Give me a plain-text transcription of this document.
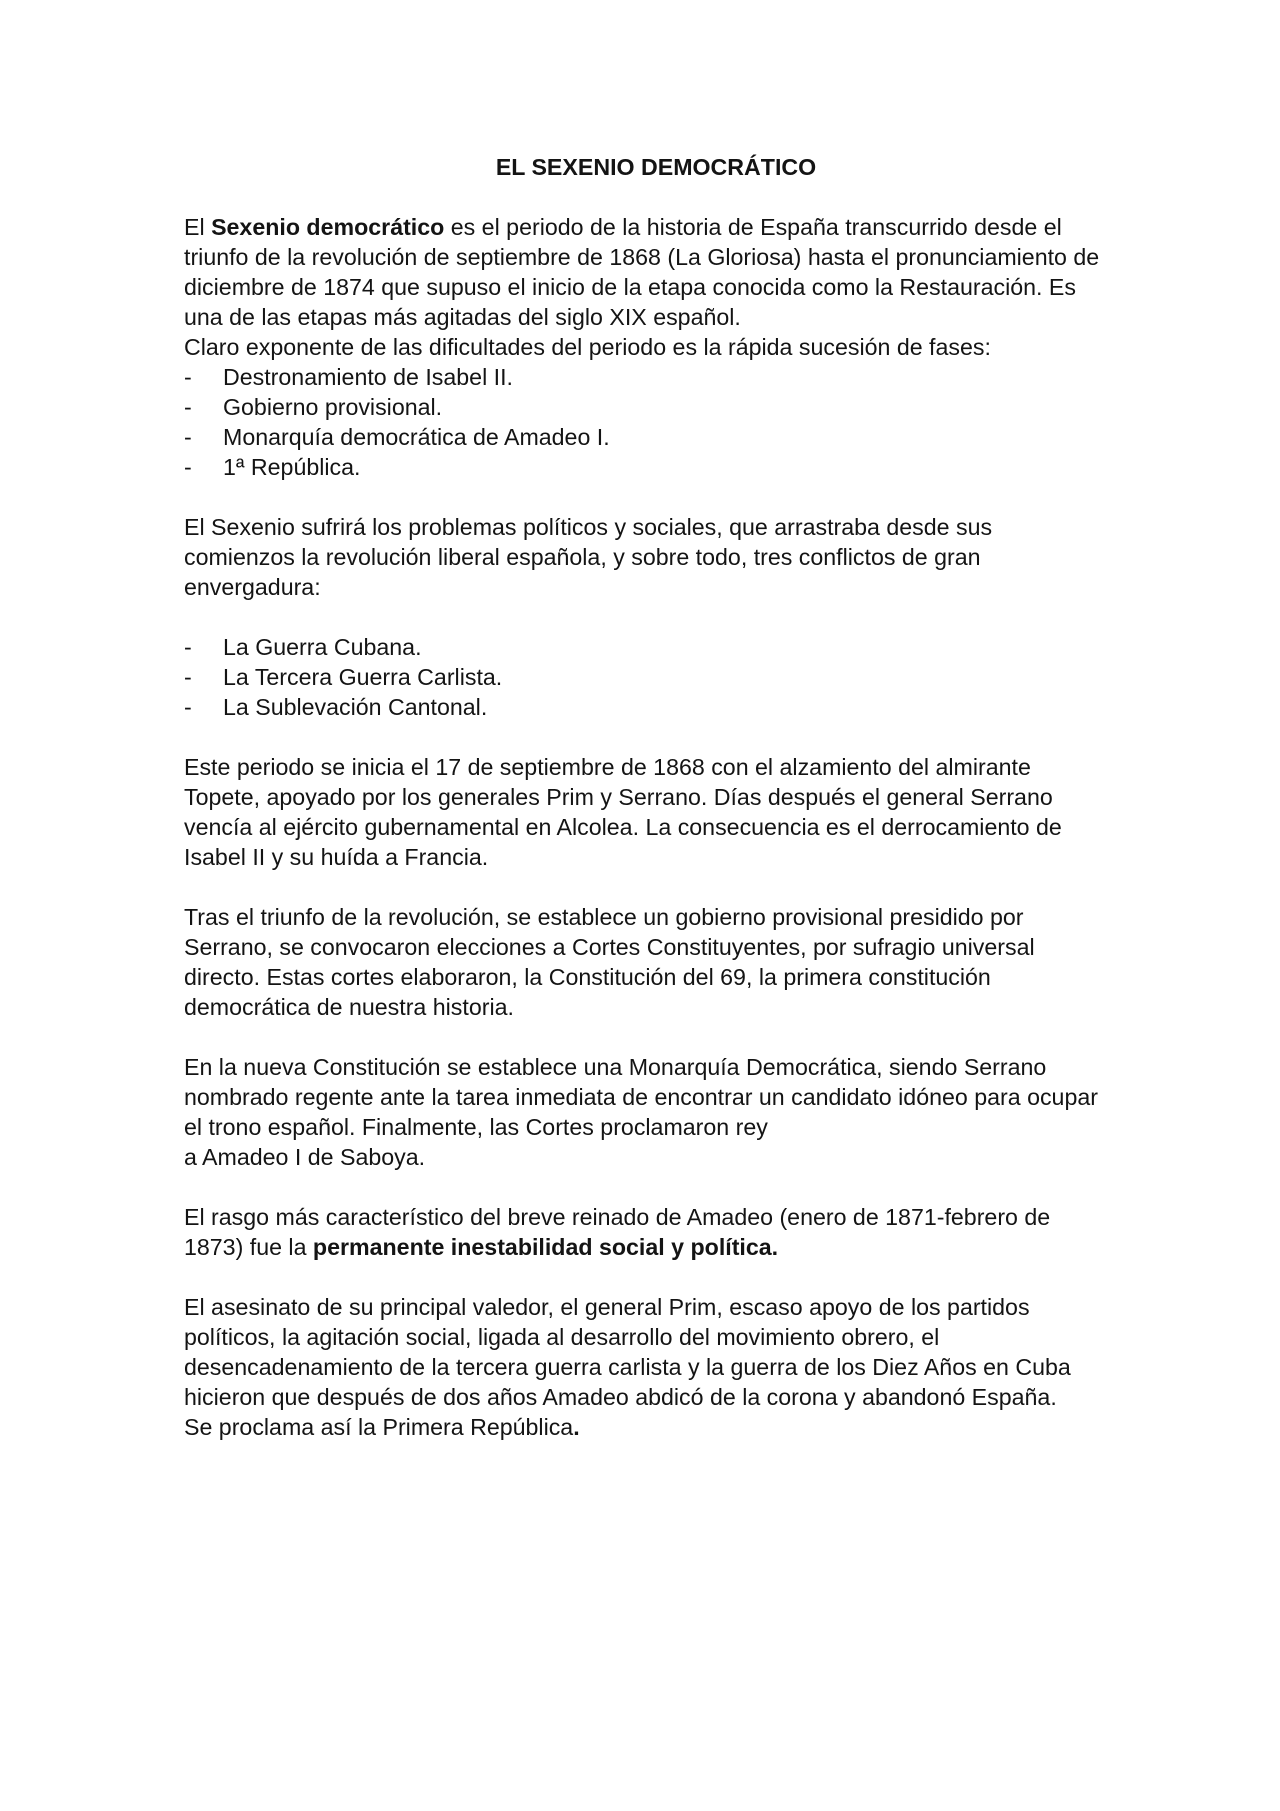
EL SEXENIO DEMOCRÁTICO

El Sexenio democrático es el periodo de la historia de España transcurrido desde el triunfo de la revolución de septiembre de 1868 (La Gloriosa) hasta el pronunciamiento de diciembre de 1874 que supuso el inicio de la etapa conocida como la Restauración. Es una de las etapas más agitadas del siglo XIX español.

Claro exponente de las dificultades del periodo es la rápida sucesión de fases:

- Destronamiento de Isabel II.
- Gobierno provisional.
- Monarquía democrática de Amadeo I.
- 1ª República.

El Sexenio sufrirá los problemas políticos y sociales, que arrastraba desde sus comienzos la revolución liberal española, y sobre todo, tres conflictos de gran envergadura:

- La Guerra Cubana.
- La Tercera Guerra Carlista.
- La Sublevación Cantonal.

Este periodo se inicia el 17 de septiembre de 1868 con el alzamiento del almirante Topete, apoyado por los generales Prim y Serrano. Días después el general Serrano vencía al ejército gubernamental en Alcolea. La consecuencia es el derrocamiento de Isabel II y su huída a Francia.

Tras el triunfo de la revolución, se establece un gobierno provisional presidido por Serrano, se convocaron elecciones a Cortes Constituyentes, por sufragio universal directo. Estas cortes elaboraron, la Constitución del 69, la primera constitución democrática de nuestra historia.

En la nueva Constitución se establece una Monarquía Democrática, siendo Serrano nombrado regente ante la tarea inmediata de encontrar un candidato idóneo para ocupar el trono español. Finalmente, las Cortes proclamaron rey
a Amadeo I de Saboya.

El rasgo más característico del breve reinado de Amadeo (enero de 1871-febrero de 1873) fue la permanente inestabilidad social y política.

El asesinato de su principal valedor, el general Prim, escaso apoyo de los partidos políticos, la agitación social, ligada al desarrollo del movimiento obrero, el desencadenamiento de la tercera guerra carlista y la guerra de los Diez Años en Cuba hicieron que después de dos años Amadeo abdicó de la corona y abandonó España.

Se proclama así la Primera República.
